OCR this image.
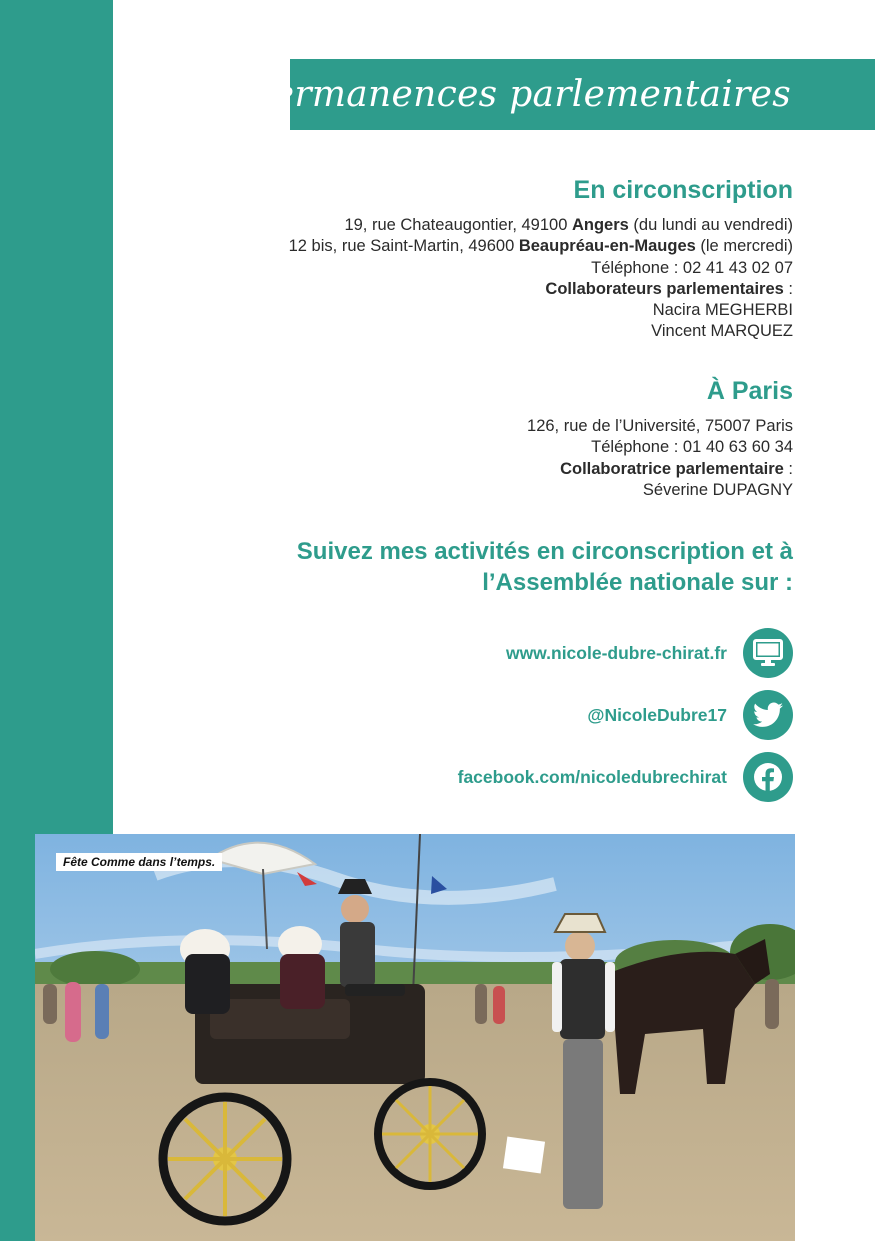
Permanences parlementaires
En circonscription
19, rue Chateaugontier, 49100 Angers (du lundi au vendredi)
12 bis, rue Saint-Martin, 49600 Beaupréau-en-Mauges (le mercredi)
Téléphone : 02 41 43 02 07
Collaborateurs parlementaires :
Nacira MEGHERBI
Vincent MARQUEZ
À Paris
126, rue de l’Université, 75007 Paris
Téléphone : 01 40 63 60 34
Collaboratrice parlementaire :
Séverine DUPAGNY
Suivez mes activités en circonscription et à
l’Assemblée nationale sur :
www.nicole-dubre-chirat.fr
@NicoleDubre17
facebook.com/nicoledubrechirat
Fête Comme dans l’temps.
